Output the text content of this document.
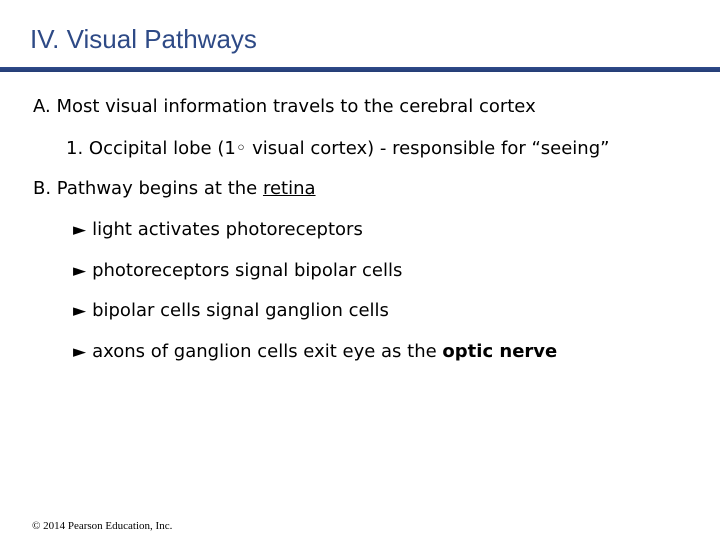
IV. Visual Pathways
A. Most visual information travels to the cerebral cortex
1. Occipital lobe (1◦ visual cortex) - responsible for “seeing”
B. Pathway begins at the retina
► light activates photoreceptors
► photoreceptors signal bipolar cells
► bipolar cells signal ganglion cells
► axons of ganglion cells exit eye as the optic nerve
© 2014 Pearson Education, Inc.
